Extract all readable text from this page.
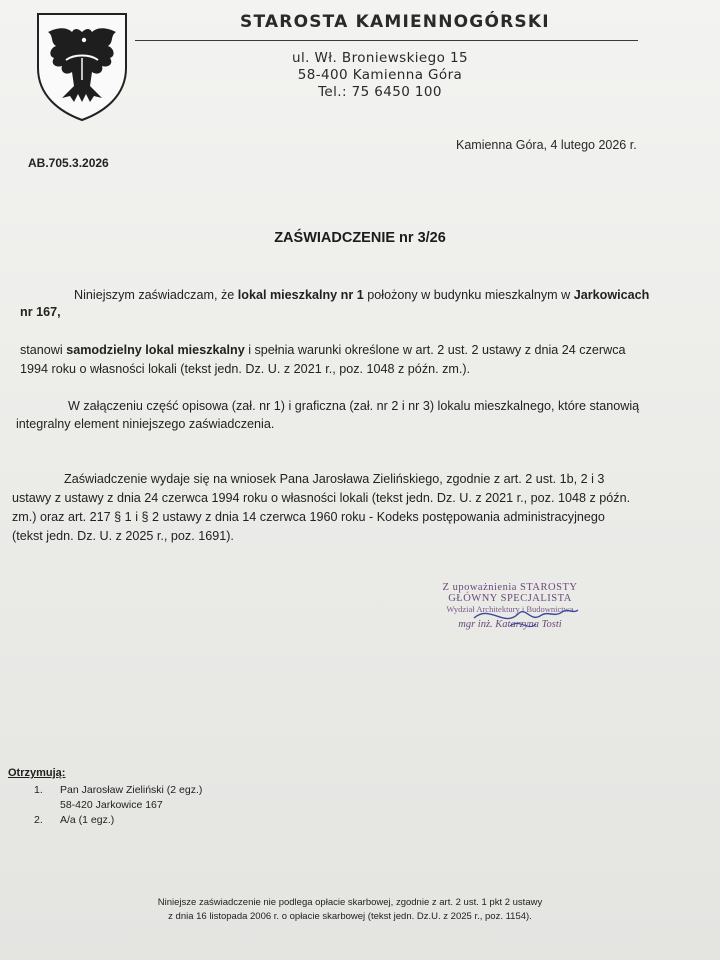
STAROSTA KAMIENNOGÓRSKI
ul. Wł. Broniewskiego 15
58-400 Kamienna Góra
Tel.: 75 6450 100
Kamienna Góra, 4 lutego 2026 r.
AB.705.3.2026
ZAŚWIADCZENIE nr 3/26
Niniejszym zaświadczam, że lokal mieszkalny nr 1 położony w budynku mieszkalnym w Jarkowicach
nr 167,
stanowi samodzielny lokal mieszkalny i spełnia warunki określone w art. 2 ust. 2 ustawy z dnia 24 czerwca
1994 roku o własności lokali (tekst jedn. Dz. U. z 2021 r., poz. 1048 z późn. zm.).
W załączeniu część opisowa (zał. nr 1) i graficzna (zał. nr 2 i nr 3) lokalu mieszkalnego, które stanowią
integralny element niniejszego zaświadczenia.
Zaświadczenie wydaje się na wniosek Pana Jarosława Zielińskiego, zgodnie z art. 2 ust. 1b, 2 i 3
ustawy z ustawy z dnia 24 czerwca 1994 roku o własności lokali (tekst jedn. Dz. U. z 2021 r., poz. 1048 z późn.
zm.) oraz art. 217 § 1 i § 2 ustawy z dnia 14 czerwca 1960 roku - Kodeks postępowania administracyjnego
(tekst jedn. Dz. U. z 2025 r., poz. 1691).
Z upoważnienia STAROSTY
GŁÓWNY SPECJALISTA
Wydział Architektury i Budownictwa
mgr inż. Katarzyna Tosti
Otrzymują:
1. Pan Jarosław Zieliński (2 egz.)
58-420 Jarkowice 167
2. A/a (1 egz.)
Niniejsze zaświadczenie nie podlega opłacie skarbowej, zgodnie z art. 2 ust. 1 pkt 2 ustawy
z dnia 16 listopada 2006 r. o opłacie skarbowej (tekst jedn. Dz.U. z 2025 r., poz. 1154).
